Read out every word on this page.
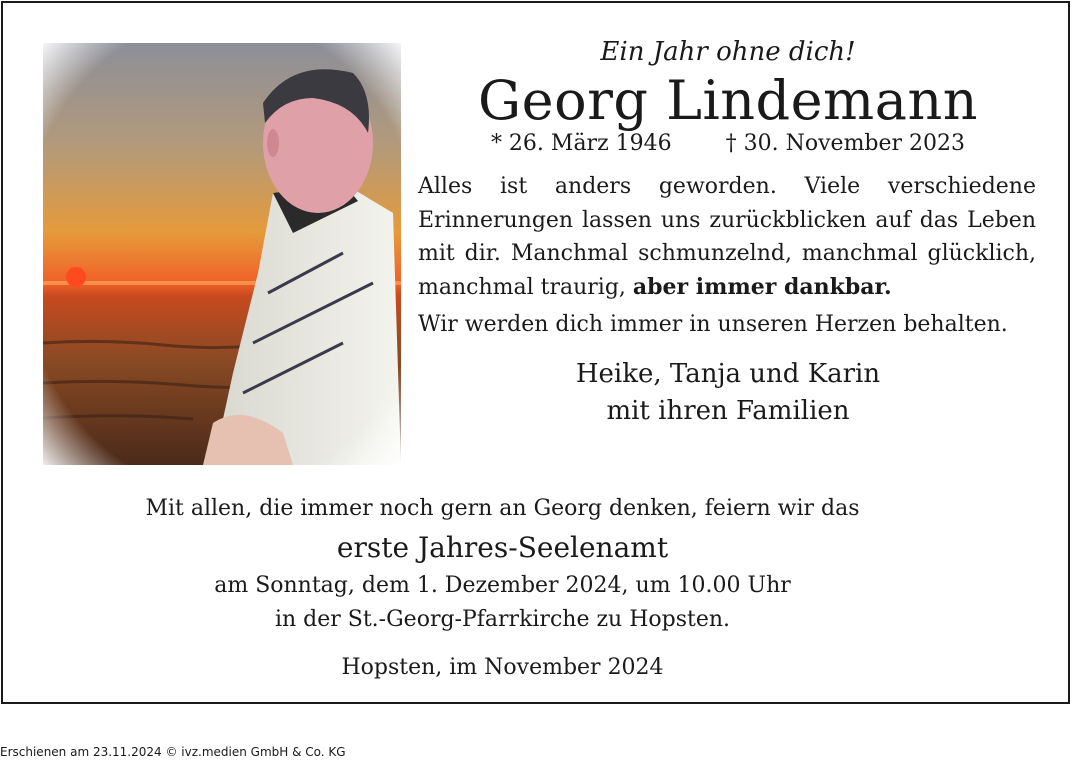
Ein Jahr ohne dich!
Georg Lindemann
* 26. März 1946 † 30. November 2023
Alles ist anders geworden. Viele verschiedene Erinnerungen lassen uns zurückblicken auf das Leben mit dir. Manchmal schmunzelnd, manchmal glücklich, manchmal traurig, aber immer dankbar.
Wir werden dich immer in unseren Herzen behalten.
Heike, Tanja und Karin
mit ihren Familien
Mit allen, die immer noch gern an Georg denken, feiern wir das
erste Jahres-Seelenamt
am Sonntag, dem 1. Dezember 2024, um 10.00 Uhr
in der St.-Georg-Pfarrkirche zu Hopsten.
Hopsten, im November 2024
Erschienen am 23.11.2024 © ivz.medien GmbH & Co. KG
